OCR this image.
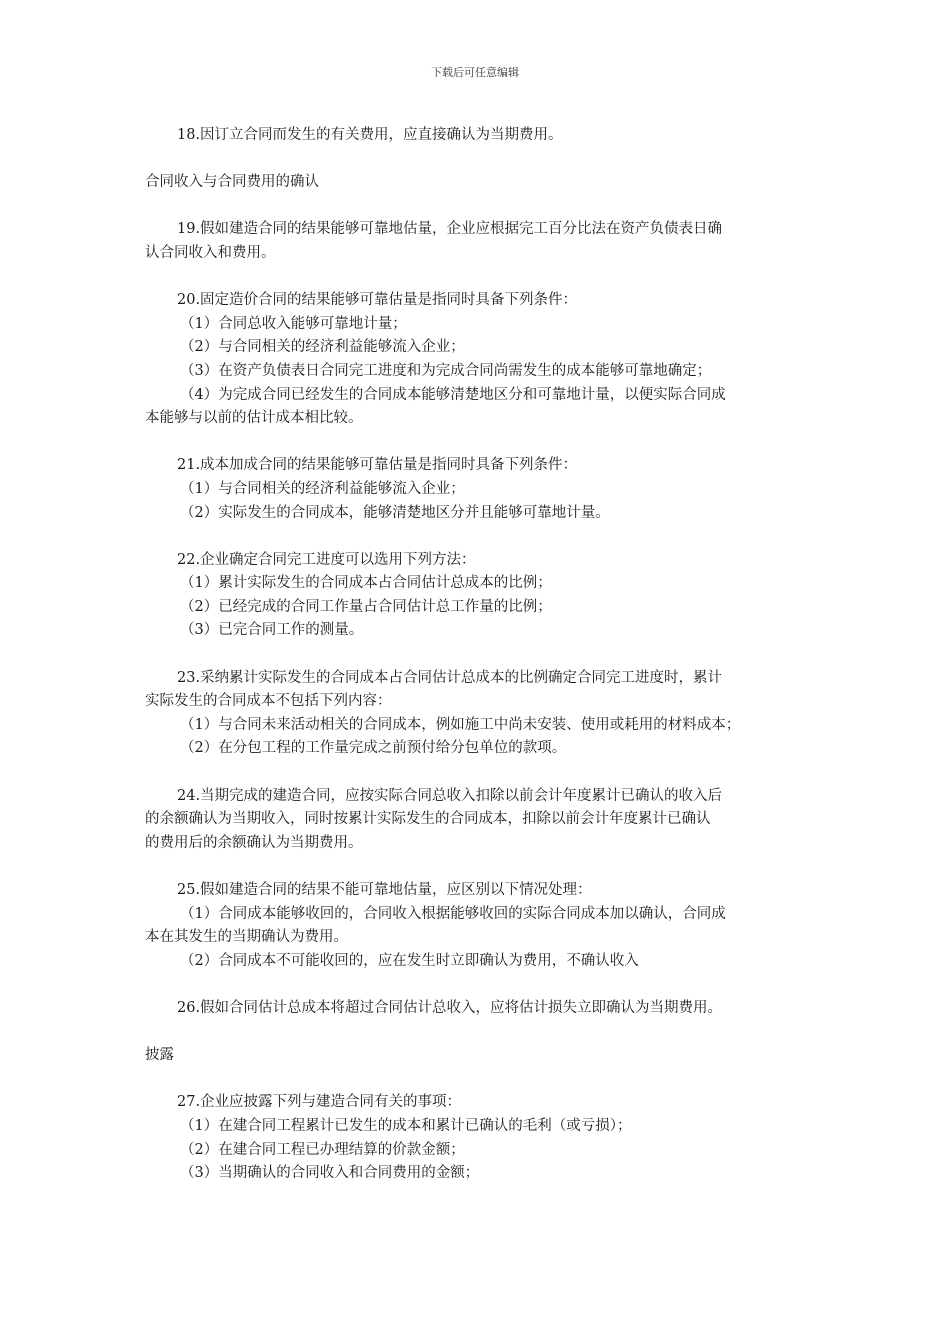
下载后可任意编辑
18.因订立合同而发生的有关费用，应直接确认为当期费用。
合同收入与合同费用的确认
19.假如建造合同的结果能够可靠地估量，企业应根据完工百分比法在资产负债表日确
认合同收入和费用。
20.固定造价合同的结果能够可靠估量是指同时具备下列条件：
（1）合同总收入能够可靠地计量；
（2）与合同相关的经济利益能够流入企业；
（3）在资产负债表日合同完工进度和为完成合同尚需发生的成本能够可靠地确定；
（4）为完成合同已经发生的合同成本能够清楚地区分和可靠地计量，以便实际合同成
本能够与以前的估计成本相比较。
21.成本加成合同的结果能够可靠估量是指同时具备下列条件：
（1）与合同相关的经济利益能够流入企业；
（2）实际发生的合同成本，能够清楚地区分并且能够可靠地计量。
22.企业确定合同完工进度可以选用下列方法：
（1）累计实际发生的合同成本占合同估计总成本的比例；
（2）已经完成的合同工作量占合同估计总工作量的比例；
（3）已完合同工作的测量。
23.采纳累计实际发生的合同成本占合同估计总成本的比例确定合同完工进度时，累计
实际发生的合同成本不包括下列内容：
（1）与合同未来活动相关的合同成本，例如施工中尚未安装、使用或耗用的材料成本；
（2）在分包工程的工作量完成之前预付给分包单位的款项。
24.当期完成的建造合同，应按实际合同总收入扣除以前会计年度累计已确认的收入后
的余额确认为当期收入，同时按累计实际发生的合同成本，扣除以前会计年度累计已确认
的费用后的余额确认为当期费用。
25.假如建造合同的结果不能可靠地估量，应区别以下情况处理：
（1）合同成本能够收回的，合同收入根据能够收回的实际合同成本加以确认，合同成
本在其发生的当期确认为费用。
（2）合同成本不可能收回的，应在发生时立即确认为费用，不确认收入
26.假如合同估计总成本将超过合同估计总收入，应将估计损失立即确认为当期费用。
披露
27.企业应披露下列与建造合同有关的事项：
（1）在建合同工程累计已发生的成本和累计已确认的毛利（或亏损）；
（2）在建合同工程已办理结算的价款金额；
（3）当期确认的合同收入和合同费用的金额；
